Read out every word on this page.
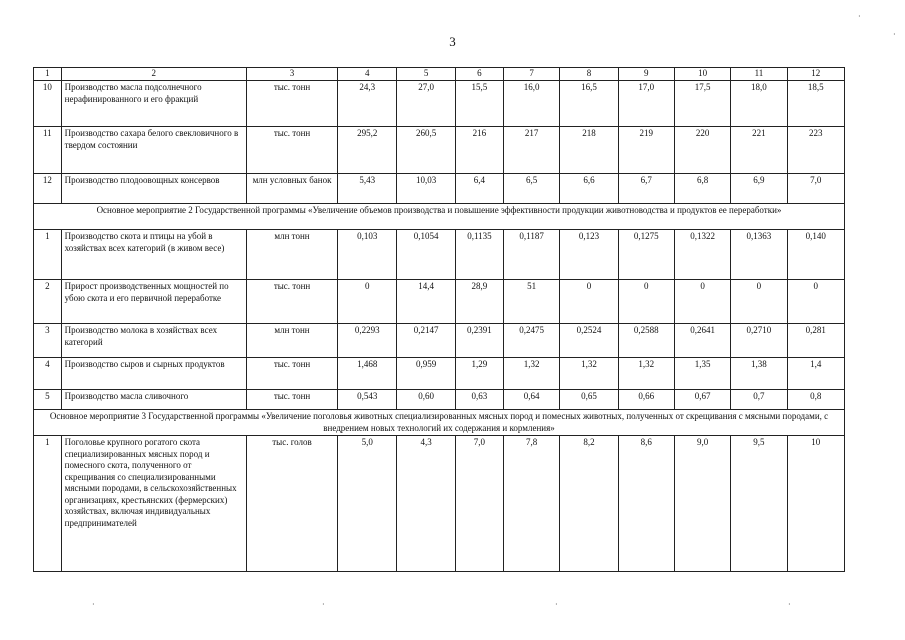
3
1	2	3	4	5	6	7	8	9	10	11	12
10	Производство масла подсолнечного нерафинированного и его фракций	тыс. тонн	24,3	27,0	15,5	16,0	16,5	17,0	17,5	18,0	18,5
11	Производство сахара белого свекловичного в твердом состоянии	тыс. тонн	295,2	260,5	216	217	218	219	220	221	223
12	Производство плодоовощных консервов	млн условных банок	5,43	10,03	6,4	6,5	6,6	6,7	6,8	6,9	7,0
Основное мероприятие 2 Государственной программы «Увеличение объемов производства и повышение эффективности продукции животноводства и продуктов ее переработки»											
1	Производство скота и птицы на убой в хозяйствах всех категорий (в живом весе)	млн тонн	0,103	0,1054	0,1135	0,1187	0,123	0,1275	0,1322	0,1363	0,140
2	Прирост производственных мощностей по убою скота и его первичной переработке	тыс. тонн	0	14,4	28,9	51	0	0	0	0	0
3	Производство молока в хозяйствах всех категорий	млн тонн	0,2293	0,2147	0,2391	0,2475	0,2524	0,2588	0,2641	0,2710	0,281
4	Производство сыров и сырных продуктов	тыс. тонн	1,468	0,959	1,29	1,32	1,32	1,32	1,35	1,38	1,4
5	Производство масла сливочного	тыс. тонн	0,543	0,60	0,63	0,64	0,65	0,66	0,67	0,7	0,8
Основное мероприятие 3 Государственной программы «Увеличение поголовья животных специализированных мясных пород и помесных животных, полученных от скрещивания с мясными породами, с внедрением новых технологий их содержания и кормления»											
1	Поголовье крупного рогатого скота специализированных мясных пород и помесного скота, полученного от скрещивания со специализированными мясными породами, в сельскохозяйственных организациях, крестьянских (фермерских) хозяйствах, включая индивидуальных предпринимателей	тыс. голов	5,0	4,3	7,0	7,8	8,2	8,6	9,0	9,5	10
·
·
·	·	·	·
